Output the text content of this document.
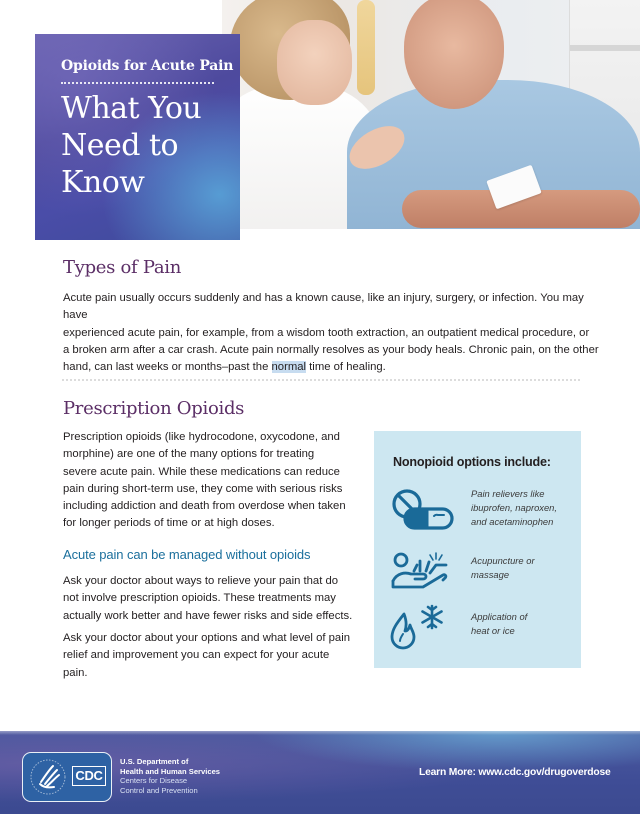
Opioids for Acute Pain
What You
Need to
Know
Types of Pain
Acute pain usually occurs suddenly and has a known cause, like an injury, surgery, or infection. You may have
experienced acute pain, for example, from a wisdom tooth extraction, an outpatient medical procedure, or
a broken arm after a car crash. Acute pain normally resolves as your body heals. Chronic pain, on the other
hand, can last weeks or months–past the normal time of healing.
Prescription Opioids
Prescription opioids (like hydrocodone, oxycodone, and morphine) are one of the many options for treating severe acute pain. While these medications can reduce pain during short-term use, they come with serious risks including addiction and death from overdose when taken for longer periods of time or at high doses.
Acute pain can be managed without opioids
Ask your doctor about ways to relieve your pain that do not involve prescription opioids. These treatments may actually work better and have fewer risks and side effects.
Ask your doctor about your options and what level of pain relief and improvement you can expect for your acute pain.
Nonopioid options include:
Pain relievers like
ibuprofen, naproxen,
and acetaminophen
Acupuncture or
massage
Application of
heat or ice
CDC
U.S. Department of
Health and Human Services
Centers for Disease
Control and Prevention
Learn More: www.cdc.gov/drugoverdose
